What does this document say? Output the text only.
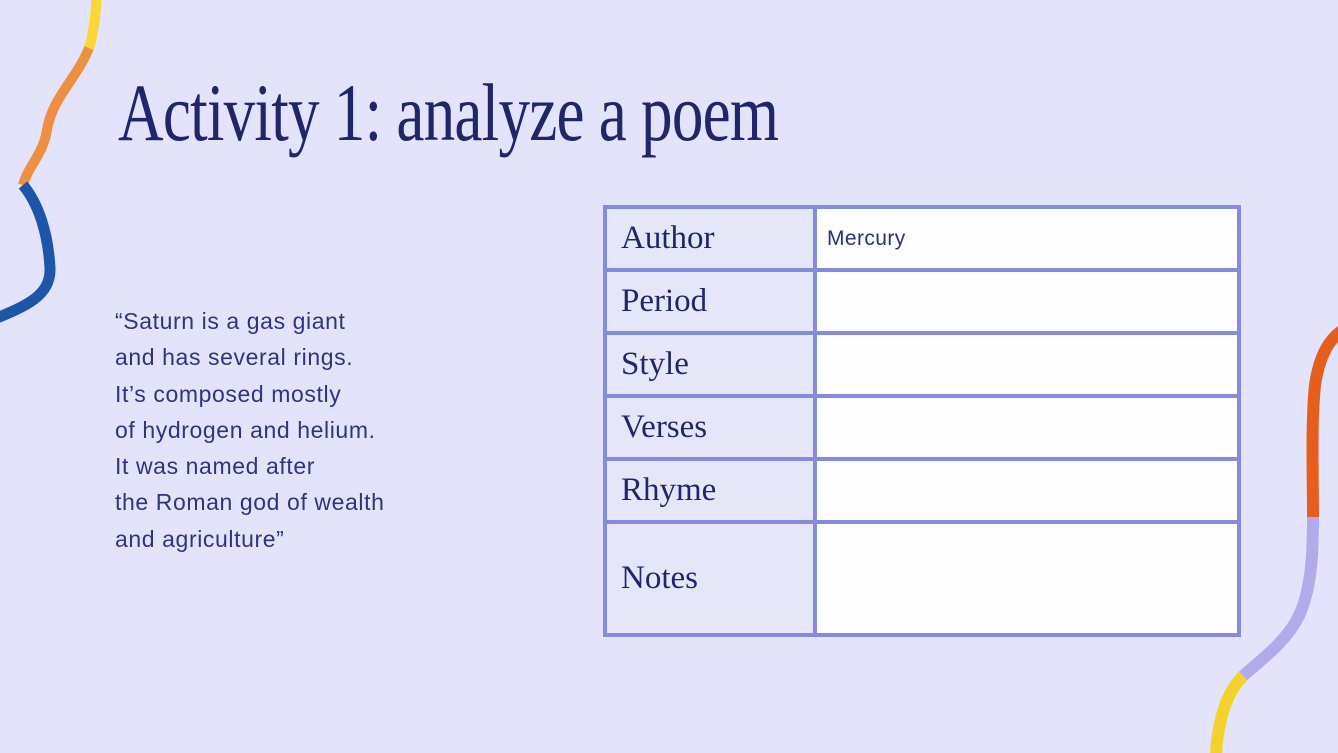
Activity 1: analyze a poem
“Saturn is a gas giant
and has several rings.
It’s composed mostly
of hydrogen and helium.
It was named after
the Roman god of wealth
and agriculture”
Author	Mercury
Period	
Style	
Verses	
Rhyme	
Notes	
